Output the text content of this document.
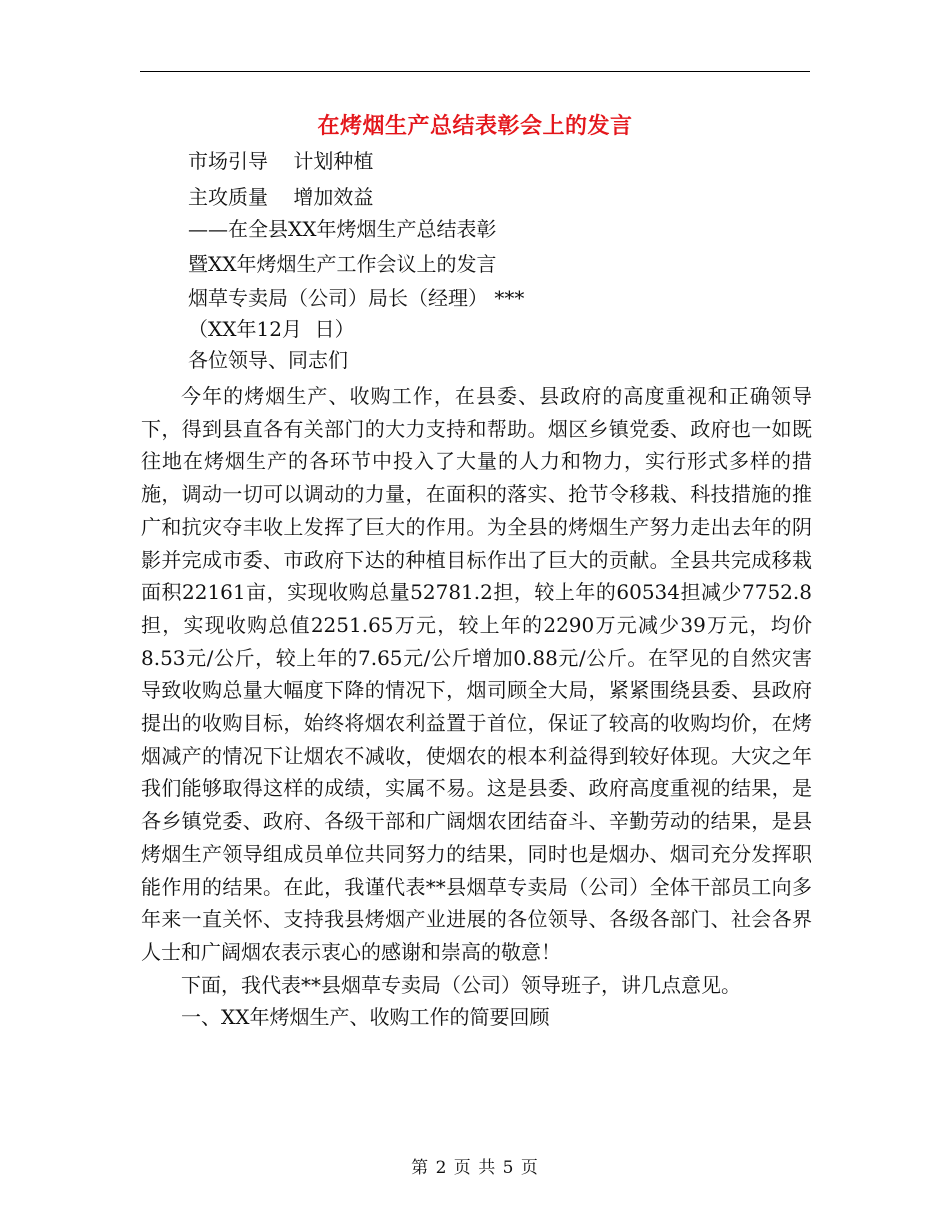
在烤烟生产总结表彰会上的发言
市场引导    计划种植
主攻质量    增加效益
——在全县XX年烤烟生产总结表彰
暨XX年烤烟生产工作会议上的发言
烟草专卖局（公司）局长（经理） ***
（XX年12月  日）
各位领导、同志们

今年的烤烟生产、收购工作，在县委、县政府的高度重视和正确领导下，得到县直各有关部门的大力支持和帮助。烟区乡镇党委、政府也一如既往地在烤烟生产的各环节中投入了大量的人力和物力，实行形式多样的措施，调动一切可以调动的力量，在面积的落实、抢节令移栽、科技措施的推广和抗灾夺丰收上发挥了巨大的作用。为全县的烤烟生产努力走出去年的阴影并完成市委、市政府下达的种植目标作出了巨大的贡献。全县共完成移栽面积22161亩，实现收购总量52781.2担，较上年的60534担减少7752.8担，实现收购总值2251.65万元，较上年的2290万元减少39万元，均价8.53元/公斤，较上年的7.65元/公斤增加0.88元/公斤。在罕见的自然灾害导致收购总量大幅度下降的情况下，烟司顾全大局，紧紧围绕县委、县政府提出的收购目标，始终将烟农利益置于首位，保证了较高的收购均价，在烤烟减产的情况下让烟农不减收，使烟农的根本利益得到较好体现。大灾之年我们能够取得这样的成绩，实属不易。这是县委、政府高度重视的结果，是各乡镇党委、政府、各级干部和广阔烟农团结奋斗、辛勤劳动的结果，是县烤烟生产领导组成员单位共同努力的结果，同时也是烟办、烟司充分发挥职能作用的结果。在此，我谨代表**县烟草专卖局（公司）全体干部员工向多年来一直关怀、支持我县烤烟产业进展的各位领导、各级各部门、社会各界人士和广阔烟农表示衷心的感谢和崇高的敬意！

下面，我代表**县烟草专卖局（公司）领导班子，讲几点意见。

一、XX年烤烟生产、收购工作的简要回顾

第 2 页 共 5 页
